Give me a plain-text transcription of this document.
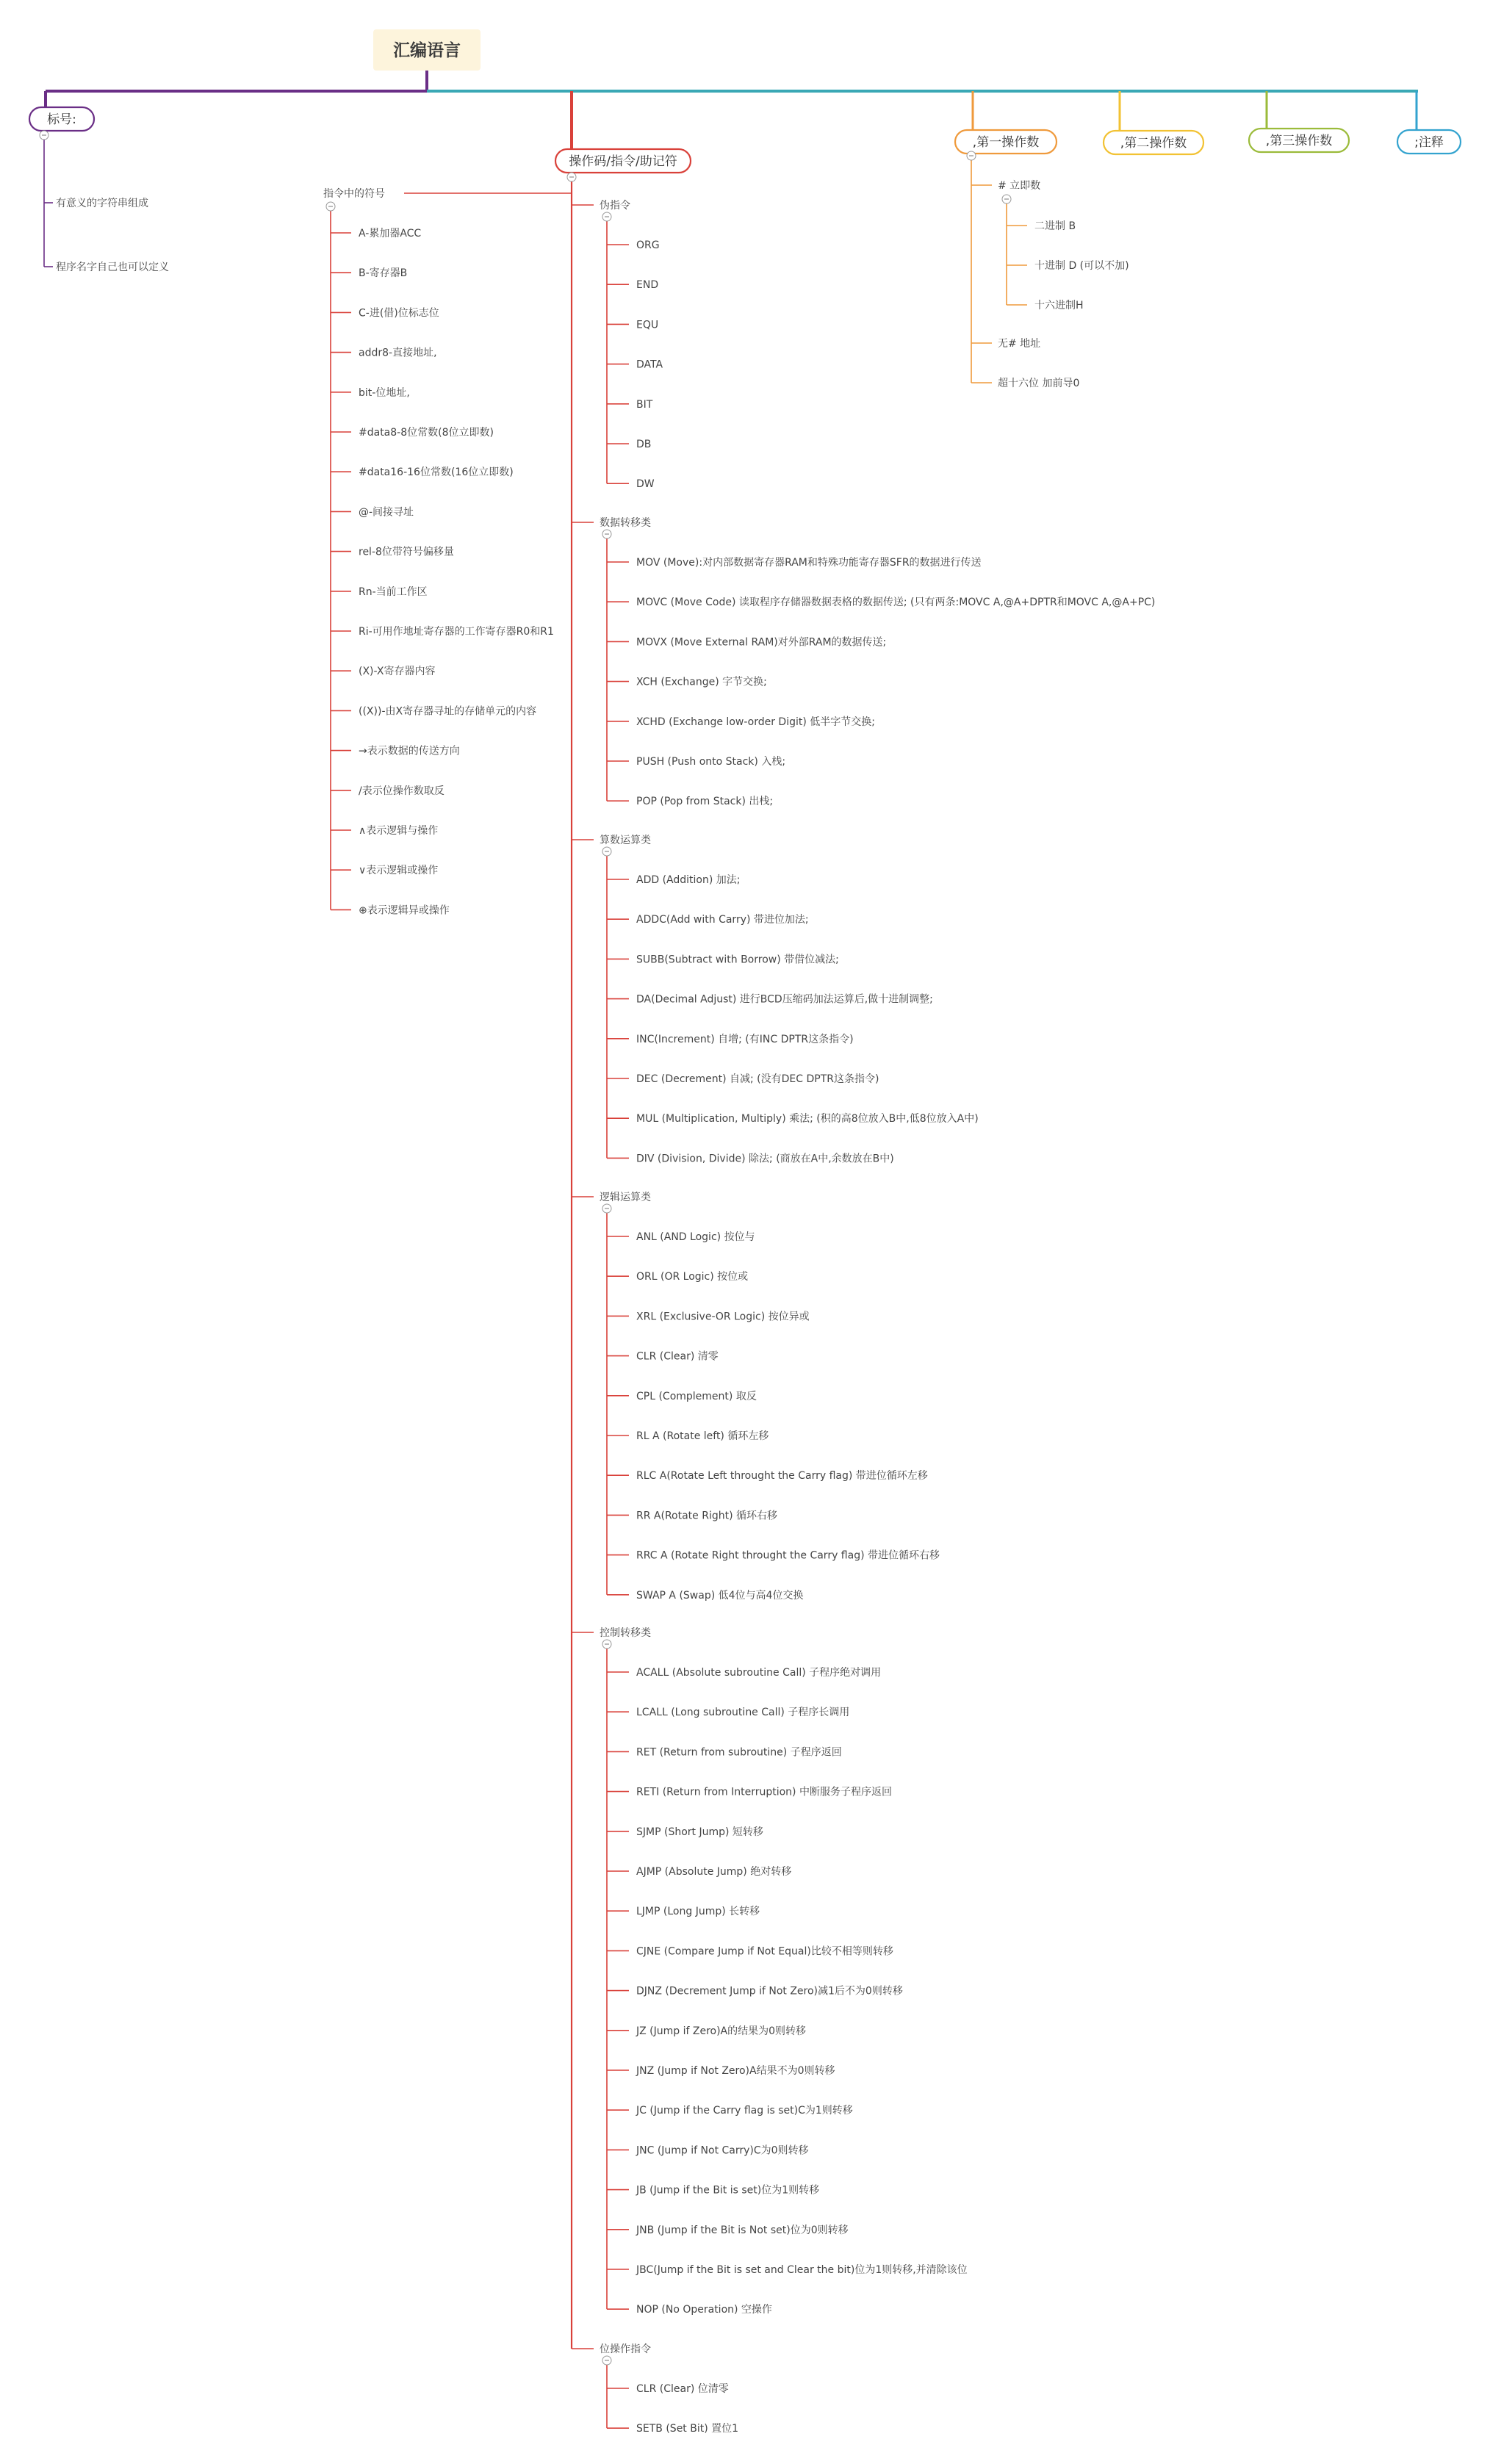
汇编语言
标号:
操作码/指令/助记符
,第一操作数	,第二操作数	,第三操作数	;注释
有意义的字符串组成
程序名字自己也可以定义
指令中的符号
A-累加器ACC
B-寄存器B
C-进(借)位标志位
addr8-直接地址,
bit-位地址,
#data8-8位常数(8位立即数)
#data16-16位常数(16位立即数)
@-间接寻址
rel-8位带符号偏移量
Rn-当前工作区
Ri-可用作地址寄存器的工作寄存器R0和R1
(X)-X寄存器内容
((X))-由X寄存器寻址的存储单元的内容
→表示数据的传送方向
/表示位操作数取反
∧表示逻辑与操作
∨表示逻辑或操作
⊕表示逻辑异或操作
伪指令
ORG
END
EQU
DATA
BIT
DB
DW
数据转移类
MOV (Move):对内部数据寄存器RAM和特殊功能寄存器SFR的数据进行传送
MOVC (Move Code) 读取程序存储器数据表格的数据传送; (只有两条:MOVC A,@A+DPTR和MOVC A,@A+PC)
MOVX (Move External RAM)对外部RAM的数据传送;
XCH (Exchange) 字节交换;
XCHD (Exchange low-order Digit) 低半字节交换;
PUSH (Push onto Stack) 入栈;
POP (Pop from Stack) 出栈;
算数运算类
ADD (Addition) 加法;
ADDC(Add with Carry) 带进位加法;
SUBB(Subtract with Borrow) 带借位减法;
DA(Decimal Adjust) 进行BCD压缩码加法运算后,做十进制调整;
INC(Increment) 自增; (有INC DPTR这条指令)
DEC (Decrement) 自减; (没有DEC DPTR这条指令)
MUL (Multiplication, Multiply) 乘法; (积的高8位放入B中,低8位放入A中)
DIV (Division, Divide) 除法; (商放在A中,余数放在B中)
逻辑运算类
ANL (AND Logic) 按位与
ORL (OR Logic) 按位或
XRL (Exclusive-OR Logic) 按位异或
CLR (Clear) 清零
CPL (Complement) 取反
RL A (Rotate left) 循环左移
RLC A(Rotate Left throught the Carry flag) 带进位循环左移
RR A(Rotate Right) 循环右移
RRC A (Rotate Right throught the Carry flag) 带进位循环右移
SWAP A (Swap) 低4位与高4位交换
控制转移类
ACALL (Absolute subroutine Call) 子程序绝对调用
LCALL (Long subroutine Call) 子程序长调用
RET (Return from subroutine) 子程序返回
RETI (Return from Interruption) 中断服务子程序返回
SJMP (Short Jump) 短转移
AJMP (Absolute Jump) 绝对转移
LJMP (Long Jump) 长转移
CJNE (Compare Jump if Not Equal)比较不相等则转移
DJNZ (Decrement Jump if Not Zero)减1后不为0则转移
JZ (Jump if Zero)A的结果为0则转移
JNZ (Jump if Not Zero)A结果不为0则转移
JC (Jump if the Carry flag is set)C为1则转移
JNC (Jump if Not Carry)C为0则转移
JB (Jump if the Bit is set)位为1则转移
JNB (Jump if the Bit is Not set)位为0则转移
JBC(Jump if the Bit is set and Clear the bit)位为1则转移,并清除该位
NOP (No Operation) 空操作
位操作指令
CLR (Clear) 位清零
SETB (Set Bit) 置位1
# 立即数
二进制 B
十进制 D (可以不加)
十六进制H
无# 地址
超十六位 加前导0
